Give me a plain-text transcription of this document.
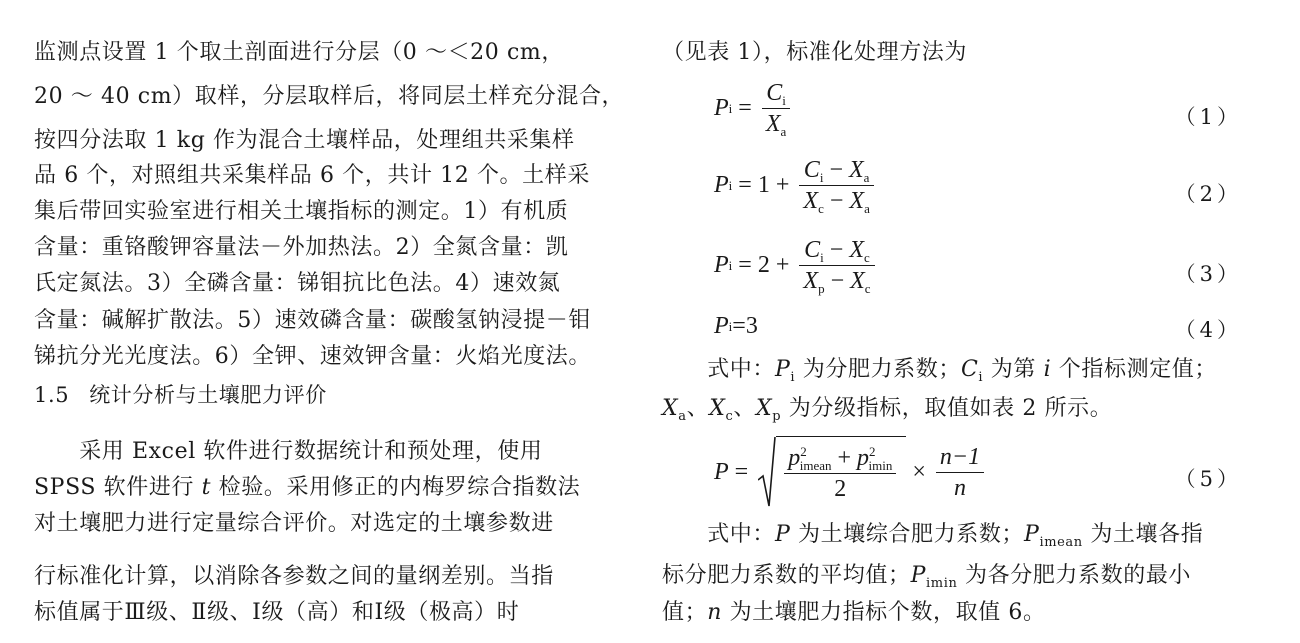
监测点设置 1 个取土剖面进行分层（0 ～＜20 cm，
20 ～ 40 cm）取样，分层取样后，将同层土样充分混合，
按四分法取 1 kg 作为混合土壤样品，处理组共采集样
品 6 个，对照组共采集样品 6 个，共计 12 个。土样采
集后带回实验室进行相关土壤指标的测定。1）有机质
含量：重铬酸钾容量法－外加热法。2）全氮含量：凯
氏定氮法。3）全磷含量：锑钼抗比色法。4）速效氮
含量：碱解扩散法。5）速效磷含量：碳酸氢钠浸提－钼
锑抗分光光度法。6）全钾、速效钾含量：火焰光度法。
1.5 统计分析与土壤肥力评价
　　采用 Excel 软件进行数据统计和预处理，使用
SPSS 软件进行 t 检验。采用修正的内梅罗综合指数法
对土壤肥力进行定量综合评价。对选定的土壤参数进
行标准化计算，以消除各参数之间的量纲差别。当指
标值属于Ⅲ级、Ⅱ级、Ⅰ级（高）和Ⅰ级（极高）时
（见表 1），标准化处理方法为
P $i = \frac{C_i}{X_a}$	（1）
P $i = 1 + \frac{C_i - X_a}{X_c - X_a}$	（2）
P $i = 2 + \frac{C_i - X_c}{X_p - X_c}$	（3）
P i = 3	（4）
　　式中：$P_i$ 为分肥力系数；$C_i$ 为第 i 个指标测定值；
$X_a$、$X_c$、$X_p$ 为分级指标，取值如表 2 所示。
$P = \frac{p^2_{imean} + p^2_{imin}}{2} \times \frac{n-1}{n}$	（5）
　　式中：P 为土壤综合肥力系数；$P_{imean}$ 为土壤各指
标分肥力系数的平均值；$P_{imin}$ 为各分肥力系数的最小
值；n 为土壤肥力指标个数，取值 6。
